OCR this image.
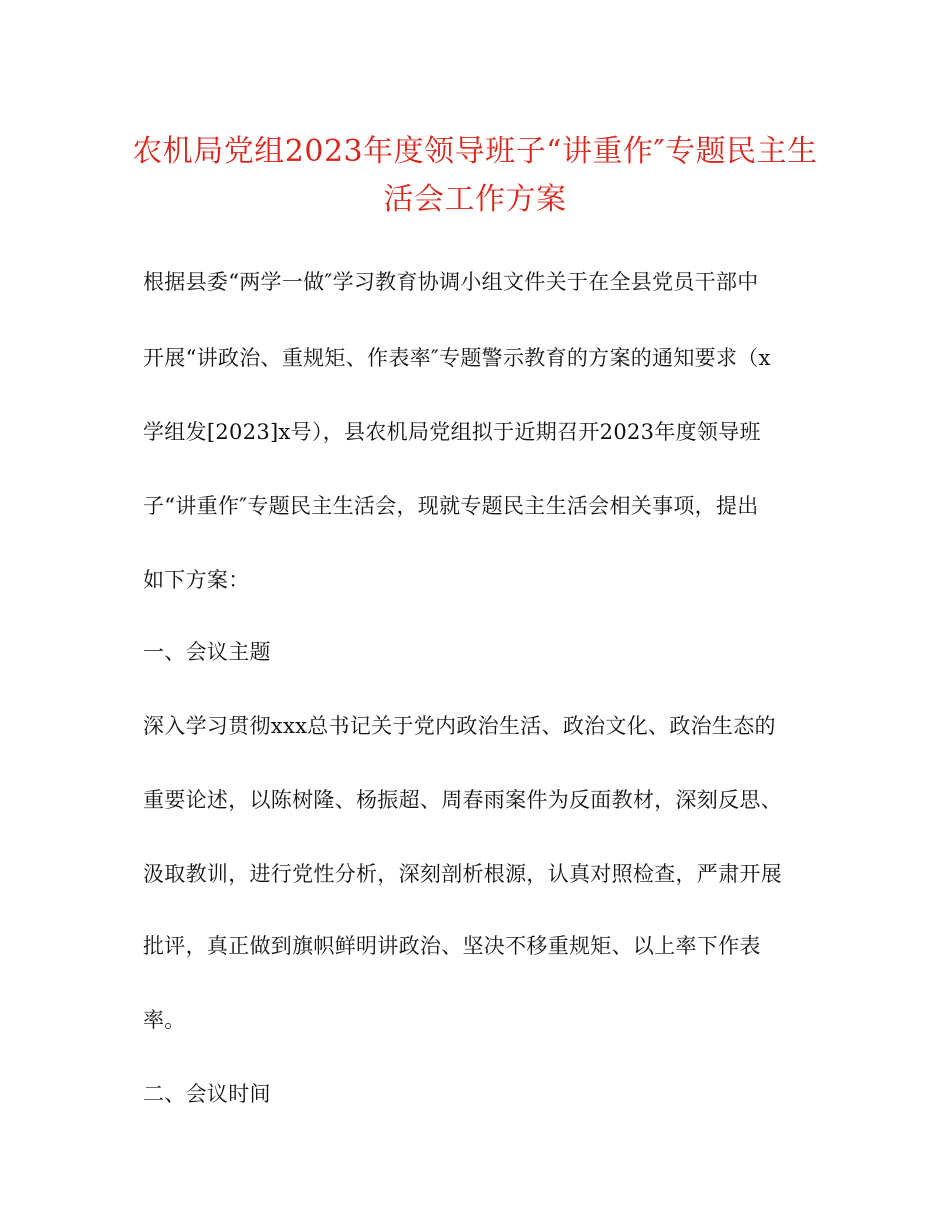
农机局党组2023年度领导班子“讲重作″专题民主生
活会工作方案
根据县委“两学一做″学习教育协调小组文件关于在全县党员干部中
开展“讲政治、重规矩、作表率″专题警示教育的方案的通知要求（x
学组发[2023]x号），县农机局党组拟于近期召开2023年度领导班
子“讲重作″专题民主生活会，现就专题民主生活会相关事项，提出
如下方案：
一、会议主题
深入学习贯彻xxx总书记关于党内政治生活、政治文化、政治生态的
重要论述，以陈树隆、杨振超、周春雨案件为反面教材，深刻反思、
汲取教训，进行党性分析，深刻剖析根源，认真对照检查，严肃开展
批评，真正做到旗帜鲜明讲政治、坚决不移重规矩、以上率下作表
率。
二、会议时间
